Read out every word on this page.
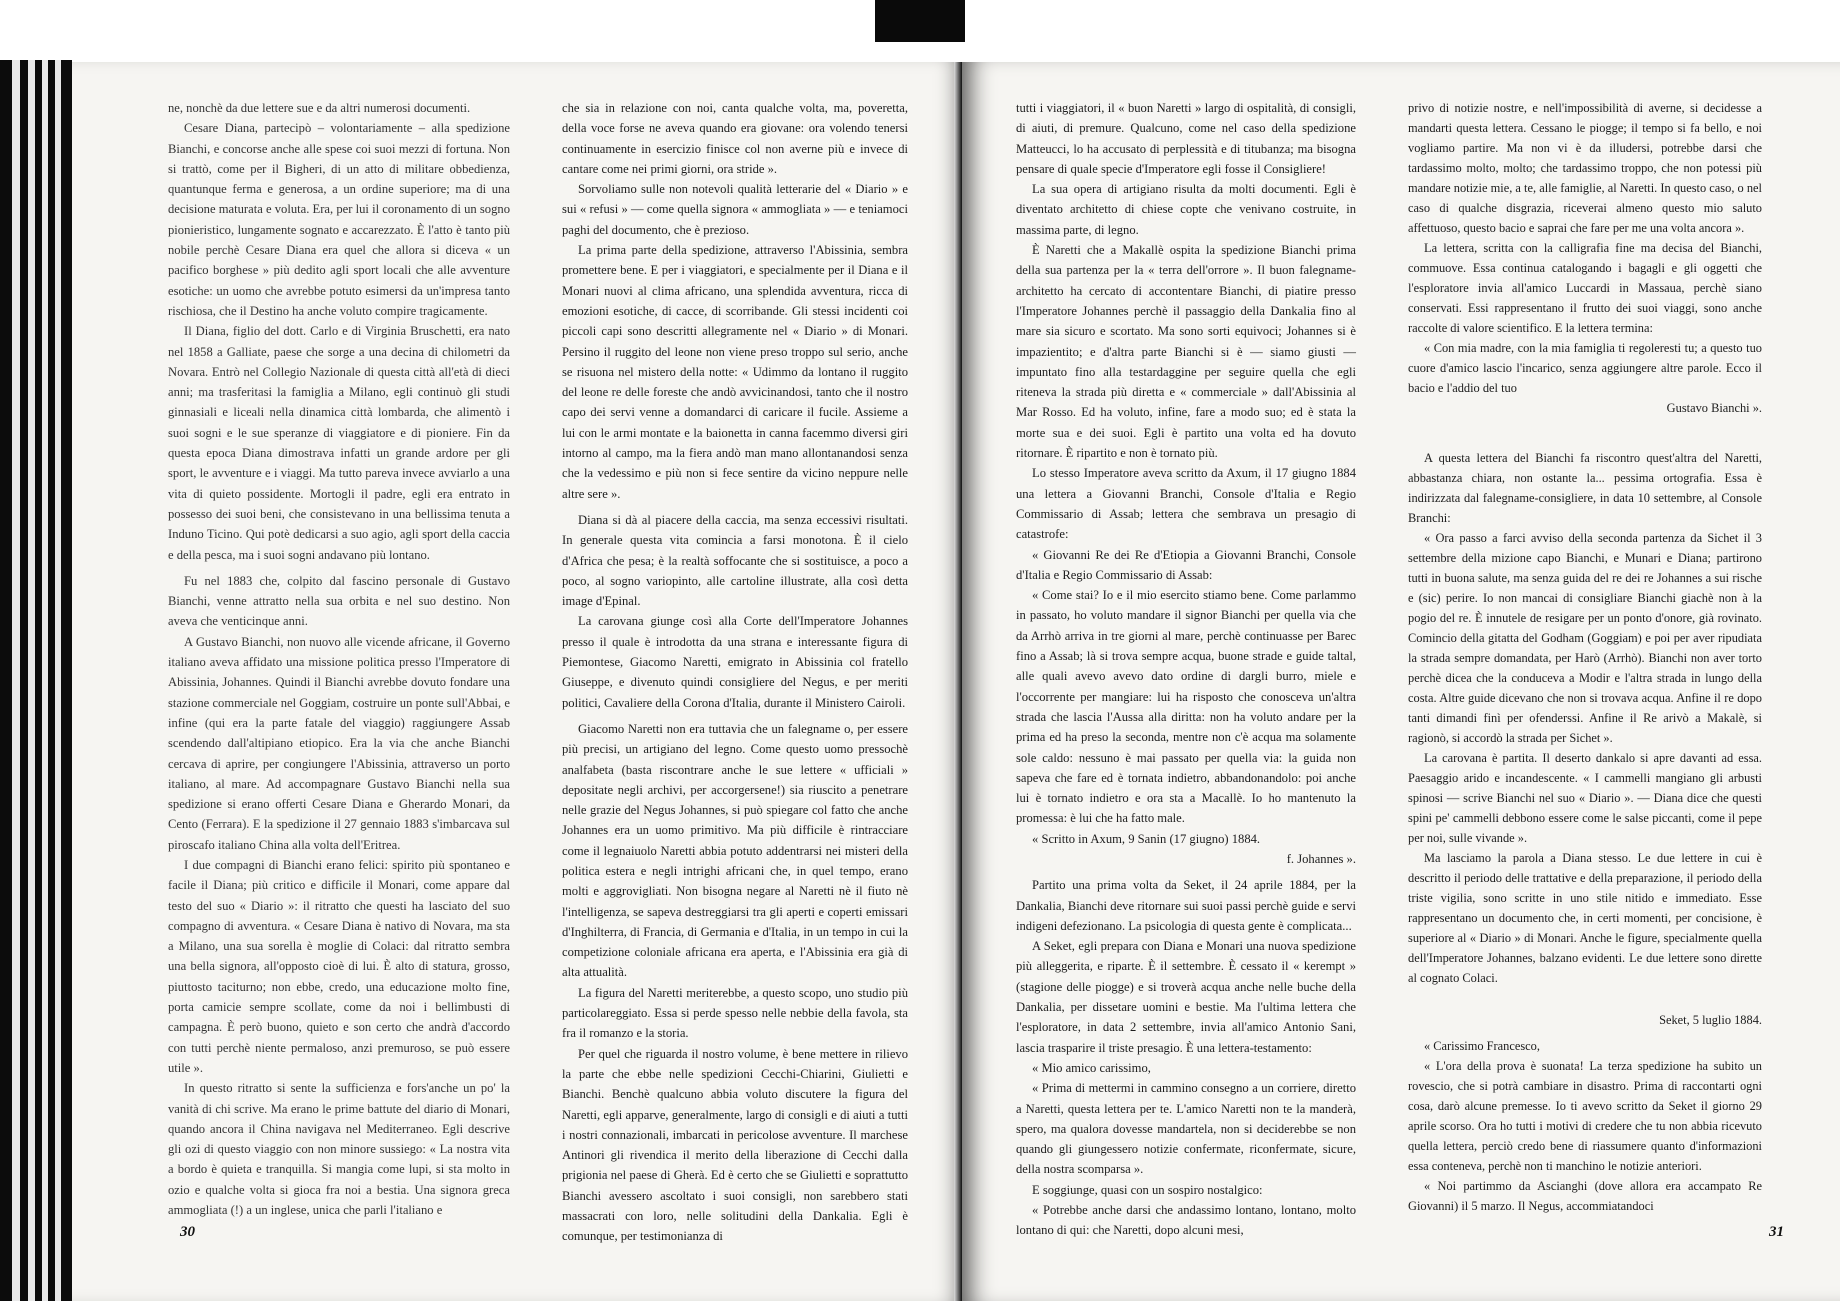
ne, nonchè da due lettere sue e da altri numerosi documenti.

Cesare Diana, partecipò – volontariamente – alla spedizione Bianchi, e concorse anche alle spese coi suoi mezzi di fortuna. Non si trattò, come per il Bigheri, di un atto di militare obbedienza, quantunque ferma e generosa, a un ordine superiore; ma di una decisione maturata e voluta. Era, per lui il coronamento di un sogno pionieristico, lungamente sognato e accarezzato. È l'atto è tanto più nobile perchè Cesare Diana era quel che allora si diceva « un pacifico borghese » più dedito agli sport locali che alle avventure esotiche: un uomo che avrebbe potuto esimersi da un'impresa tanto rischiosa, che il Destino ha anche voluto compire tragicamente.

Il Diana, figlio del dott. Carlo e di Virginia Bruschetti, era nato nel 1858 a Galliate, paese che sorge a una decina di chilometri da Novara. Entrò nel Collegio Nazionale di questa città all'età di dieci anni; ma trasferitasi la famiglia a Milano, egli continuò gli studi ginnasiali e liceali nella dinamica città lombarda, che alimentò i suoi sogni e le sue speranze di viaggiatore e di pioniere. Fin da questa epoca Diana dimostrava infatti un grande ardore per gli sport, le avventure e i viaggi. Ma tutto pareva invece avviarlo a una vita di quieto possidente. Mortogli il padre, egli era entrato in possesso dei suoi beni, che consistevano in una bellissima tenuta a Induno Ticino. Qui potè dedicarsi a suo agio, agli sport della caccia e della pesca, ma i suoi sogni andavano più lontano.

Fu nel 1883 che, colpito dal fascino personale di Gustavo Bianchi, venne attratto nella sua orbita e nel suo destino. Non aveva che venticinque anni.

A Gustavo Bianchi, non nuovo alle vicende africane, il Governo italiano aveva affidato una missione politica presso l'Imperatore di Abissinia, Johannes. Quindi il Bianchi avrebbe dovuto fondare una stazione commerciale nel Goggiam, costruire un ponte sull'Abbai, e infine (qui era la parte fatale del viaggio) raggiungere Assab scendendo dall'altipiano etiopico. Era la via che anche Bianchi cercava di aprire, per congiungere l'Abissinia, attraverso un porto italiano, al mare. Ad accompagnare Gustavo Bianchi nella sua spedizione si erano offerti Cesare Diana e Gherardo Monari, da Cento (Ferrara). E la spedizione il 27 gennaio 1883 s'imbarcava sul piroscafo italiano China alla volta dell'Eritrea.

I due compagni di Bianchi erano felici: spirito più spontaneo e facile il Diana; più critico e difficile il Monari, come appare dal testo del suo « Diario »: il ritratto che questi ha lasciato del suo compagno di avventura. « Cesare Diana è nativo di Novara, ma sta a Milano, una sua sorella è moglie di Colaci: dal ritratto sembra una bella signora, all'opposto cioè di lui. È alto di statura, grosso, piuttosto taciturno; non ebbe, credo, una educazione molto fine, porta camicie sempre scollate, come da noi i bellimbusti di campagna. È però buono, quieto e son certo che andrà d'accordo con tutti perchè niente permaloso, anzi premuroso, se può essere utile ».

In questo ritratto si sente la sufficienza e fors'anche un po' la vanità di chi scrive. Ma erano le prime battute del diario di Monari, quando ancora il China navigava nel Mediterraneo. Egli descrive gli ozi di questo viaggio con non minore sussiego: « La nostra vita a bordo è quieta e tranquilla. Si mangia come lupi, si sta molto in ozio e qualche volta si gioca fra noi a bestia. Una signora greca ammogliata (!) a un inglese, unica che parli l'italiano e

che sia in relazione con noi, canta qualche volta, ma, poveretta, della voce forse ne aveva quando era giovane: ora volendo tenersi continuamente in esercizio finisce col non averne più e invece di cantare come nei primi giorni, ora stride ».

Sorvoliamo sulle non notevoli qualità letterarie del « Diario » e sui « refusi » — come quella signora « ammogliata » — e teniamoci paghi del documento, che è prezioso.

La prima parte della spedizione, attraverso l'Abissinia, sembra promettere bene. E per i viaggiatori, e specialmente per il Diana e il Monari nuovi al clima africano, una splendida avventura, ricca di emozioni esotiche, di cacce, di scorribande. Gli stessi incidenti coi piccoli capi sono descritti allegramente nel « Diario » di Monari. Persino il ruggito del leone non viene preso troppo sul serio, anche se risuona nel mistero della notte: « Udimmo da lontano il ruggito del leone re delle foreste che andò avvicinandosi, tanto che il nostro capo dei servi venne a domandarci di caricare il fucile. Assieme a lui con le armi montate e la baionetta in canna facemmo diversi giri intorno al campo, ma la fiera andò man mano allontanandosi senza che la vedessimo e più non si fece sentire da vicino neppure nelle altre sere ».

Diana si dà al piacere della caccia, ma senza eccessivi risultati. In generale questa vita comincia a farsi monotona. È il cielo d'Africa che pesa; è la realtà soffocante che si sostituisce, a poco a poco, al sogno variopinto, alle cartoline illustrate, alla così detta image d'Epinal.

La carovana giunge così alla Corte dell'Imperatore Johannes presso il quale è introdotta da una strana e interessante figura di Piemontese, Giacomo Naretti, emigrato in Abissinia col fratello Giuseppe, e divenuto quindi consigliere del Negus, e per meriti politici, Cavaliere della Corona d'Italia, durante il Ministero Cairoli.

Giacomo Naretti non era tuttavia che un falegname o, per essere più precisi, un artigiano del legno. Come questo uomo pressochè analfabeta (basta riscontrare anche le sue lettere « ufficiali » depositate negli archivi, per accorgersene!) sia riuscito a penetrare nelle grazie del Negus Johannes, si può spiegare col fatto che anche Johannes era un uomo primitivo. Ma più difficile è rintracciare come il legnaiuolo Naretti abbia potuto addentrarsi nei misteri della politica estera e negli intrighi africani che, in quel tempo, erano molti e aggrovigliati. Non bisogna negare al Naretti nè il fiuto nè l'intelligenza, se sapeva destreggiarsi tra gli aperti e coperti emissari d'Inghilterra, di Francia, di Germania e d'Italia, in un tempo in cui la competizione coloniale africana era aperta, e l'Abissinia era già di alta attualità.

La figura del Naretti meriterebbe, a questo scopo, uno studio più particolareggiato. Essa si perde spesso nelle nebbie della favola, sta fra il romanzo e la storia.

Per quel che riguarda il nostro volume, è bene mettere in rilievo la parte che ebbe nelle spedizioni Cecchi-Chiarini, Giulietti e Bianchi. Benchè qualcuno abbia voluto discutere la figura del Naretti, egli apparve, generalmente, largo di consigli e di aiuti a tutti i nostri connazionali, imbarcati in pericolose avventure. Il marchese Antinori gli rivendica il merito della liberazione di Cecchi dalla prigionia nel paese di Gherà. Ed è certo che se Giulietti e soprattutto Bianchi avessero ascoltato i suoi consigli, non sarebbero stati massacrati con loro, nelle solitudini della Dankalia. Egli è comunque, per testimonianza di

30

tutti i viaggiatori, il « buon Naretti » largo di ospitalità, di consigli, di aiuti, di premure. Qualcuno, come nel caso della spedizione Matteucci, lo ha accusato di perplessità e di titubanza; ma bisogna pensare di quale specie d'Imperatore egli fosse il Consigliere!

La sua opera di artigiano risulta da molti documenti. Egli è diventato architetto di chiese copte che venivano costruite, in massima parte, di legno.

È Naretti che a Makallè ospita la spedizione Bianchi prima della sua partenza per la « terra dell'orrore ». Il buon falegname-architetto ha cercato di accontentare Bianchi, di piatire presso l'Imperatore Johannes perchè il passaggio della Dankalia fino al mare sia sicuro e scortato. Ma sono sorti equivoci; Johannes si è impazientito; e d'altra parte Bianchi si è — siamo giusti — impuntato fino alla testardaggine per seguire quella che egli riteneva la strada più diretta e « commerciale » dall'Abissinia al Mar Rosso. Ed ha voluto, infine, fare a modo suo; ed è stata la morte sua e dei suoi. Egli è partito una volta ed ha dovuto ritornare. È ripartito e non è tornato più.

Lo stesso Imperatore aveva scritto da Axum, il 17 giugno 1884 una lettera a Giovanni Branchi, Console d'Italia e Regio Commissario di Assab; lettera che sembrava un presagio di catastrofe:

« Giovanni Re dei Re d'Etiopia a Giovanni Branchi, Console d'Italia e Regio Commissario di Assab:

« Come stai? Io e il mio esercito stiamo bene. Come parlammo in passato, ho voluto mandare il signor Bianchi per quella via che da Arrhò arriva in tre giorni al mare, perchè continuasse per Barec fino a Assab; là si trova sempre acqua, buone strade e guide taltal, alle quali avevo avevo dato ordine di dargli burro, miele e l'occorrente per mangiare: lui ha risposto che conosceva un'altra strada che lascia l'Aussa alla diritta: non ha voluto andare per la prima ed ha preso la seconda, mentre non c'è acqua ma solamente sole caldo: nessuno è mai passato per quella via: la guida non sapeva che fare ed è tornata indietro, abbandonandolo: poi anche lui è tornato indietro e ora sta a Macallè. Io ho mantenuto la promessa: è lui che ha fatto male.

« Scritto in Axum, 9 Sanin (17 giugno) 1884.

f. Johannes ».

Partito una prima volta da Seket, il 24 aprile 1884, per la Dankalia, Bianchi deve ritornare sui suoi passi perchè guide e servi indigeni defezionano. La psicologia di questa gente è complicata...

A Seket, egli prepara con Diana e Monari una nuova spedizione più alleggerita, e riparte. È il settembre. È cessato il « kerempt » (stagione delle piogge) e si troverà acqua anche nelle buche della Dankalia, per dissetare uomini e bestie. Ma l'ultima lettera che l'esploratore, in data 2 settembre, invia all'amico Antonio Sani, lascia trasparire il triste presagio. È una lettera-testamento:

« Mio amico carissimo,

« Prima di mettermi in cammino consegno a un corriere, diretto a Naretti, questa lettera per te. L'amico Naretti non te la manderà, spero, ma qualora dovesse mandartela, non si deciderebbe se non quando gli giungessero notizie confermate, riconfermate, sicure, della nostra scomparsa ».

E soggiunge, quasi con un sospiro nostalgico:

« Potrebbe anche darsi che andassimo lontano, lontano, molto lontano di qui: che Naretti, dopo alcuni mesi,

privo di notizie nostre, e nell'impossibilità di averne, si decidesse a mandarti questa lettera. Cessano le piogge; il tempo si fa bello, e noi vogliamo partire. Ma non vi è da illudersi, potrebbe darsi che tardassimo molto, molto; che tardassimo troppo, che non potessi più mandare notizie mie, a te, alle famiglie, al Naretti. In questo caso, o nel caso di qualche disgrazia, riceverai almeno questo mio saluto affettuoso, questo bacio e saprai che fare per me una volta ancora ».

La lettera, scritta con la calligrafia fine ma decisa del Bianchi, commuove. Essa continua catalogando i bagagli e gli oggetti che l'esploratore invia all'amico Luccardi in Massaua, perchè siano conservati. Essi rappresentano il frutto dei suoi viaggi, sono anche raccolte di valore scientifico. E la lettera termina:

« Con mia madre, con la mia famiglia ti regoleresti tu; a questo tuo cuore d'amico lascio l'incarico, senza aggiungere altre parole. Ecco il bacio e l'addio del tuo

Gustavo Bianchi ».

A questa lettera del Bianchi fa riscontro quest'altra del Naretti, abbastanza chiara, non ostante la... pessima ortografia. Essa è indirizzata dal falegname-consigliere, in data 10 settembre, al Console Branchi:

« Ora passo a farci avviso della seconda partenza da Sichet il 3 settembre della mizione capo Bianchi, e Munari e Diana; partirono tutti in buona salute, ma senza guida del re dei re Johannes a sui rische e (sic) perire. Io non mancai di consigliare Bianchi giachè non à la pogio del re. È innutele de resigare per un ponto d'onore, già rovinato. Comincio della gitatta del Godham (Goggiam) e poi per aver ripudiata la strada sempre domandata, per Harò (Arrhò). Bianchi non aver torto perchè dicea che la conduceva a Modir e l'altra strada in lungo della costa. Altre guide dicevano che non si trovava acqua. Anfine il re dopo tanti dimandi finì per ofenderssi. Anfine il Re arivò a Makalè, si ragionò, si accordò la strada per Sichet ».

La carovana è partita. Il deserto dankalo si apre davanti ad essa. Paesaggio arido e incandescente. « I cammelli mangiano gli arbusti spinosi — scrive Bianchi nel suo « Diario ». — Diana dice che questi spini pe' cammelli debbono essere come le salse piccanti, come il pepe per noi, sulle vivande ».

Ma lasciamo la parola a Diana stesso. Le due lettere in cui è descritto il periodo delle trattative e della preparazione, il periodo della triste vigilia, sono scritte in uno stile nitido e immediato. Esse rappresentano un documento che, in certi momenti, per concisione, è superiore al « Diario » di Monari. Anche le figure, specialmente quella dell'Imperatore Johannes, balzano evidenti. Le due lettere sono dirette al cognato Colaci.

Seket, 5 luglio 1884.

« Carissimo Francesco,

« L'ora della prova è suonata! La terza spedizione ha subito un rovescio, che si potrà cambiare in disastro. Prima di raccontarti ogni cosa, darò alcune premesse. Io ti avevo scritto da Seket il giorno 29 aprile scorso. Ora ho tutti i motivi di credere che tu non abbia ricevuto quella lettera, perciò credo bene di riassumere quanto d'informazioni essa conteneva, perchè non ti manchino le notizie anteriori.

« Noi partimmo da Ascianghi (dove allora era accampato Re Giovanni) il 5 marzo. Il Negus, accommiatandoci

31
